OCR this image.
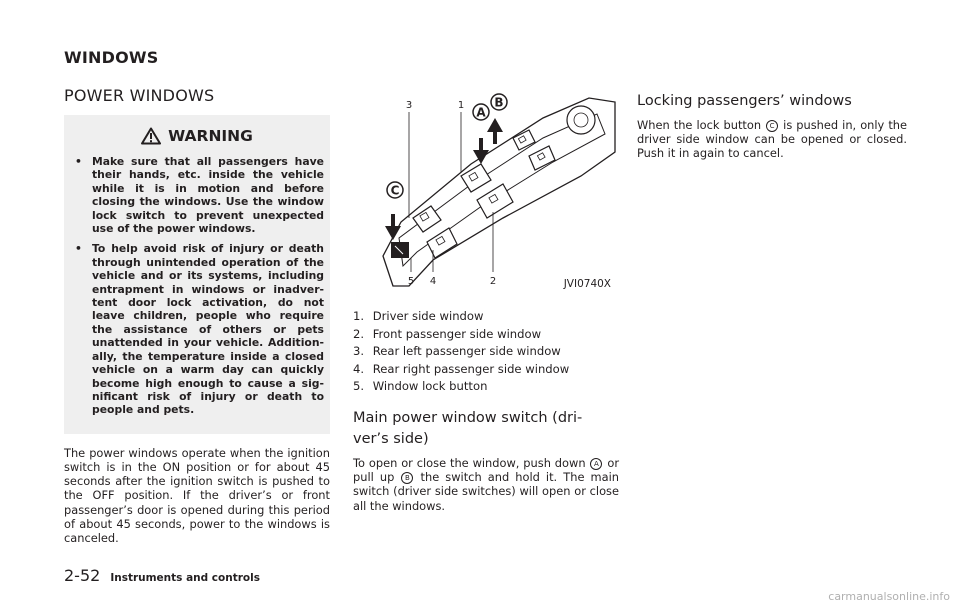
WINDOWS
POWER WINDOWS
WARNING
• Make sure that all passengers have their hands, etc. inside the vehicle while it is in motion and before closing the windows. Use the window lock switch to prevent unexpected use of the power windows.
• To help avoid risk of injury or death through unintended operation of the vehicle and or its systems, including entrapment in windows or inadver- tent door lock activation, do not leave children, people who require the assistance of others or pets unattended in your vehicle. Addition- ally, the temperature inside a closed vehicle on a warm day can quickly become high enough to cause a sig- nificant risk of injury or death to people and pets.

The power windows operate when the ignition switch is in the ON position or for about 45 seconds after the ignition switch is pushed to the OFF position. If the driver’s or front passenger’s door is opened during this period of about 45 seconds, power to the windows is canceled.

A
B
C
3	1
5 4	2	JVI0740X
1. Driver side window
2. Front passenger side window
3. Rear left passenger side window
4. Rear right passenger side window
5. Window lock button
Main power window switch (dri- ver’s side)

To open or close the window, push down A or pull up B the switch and hold it. The main switch (driver side switches) will open or close all the windows.

Locking passengers’ windows

When the lock button C is pushed in, only the driver side window can be opened or closed. Push it in again to cancel.

2-52 Instruments and controls
carmanualsonline.info
